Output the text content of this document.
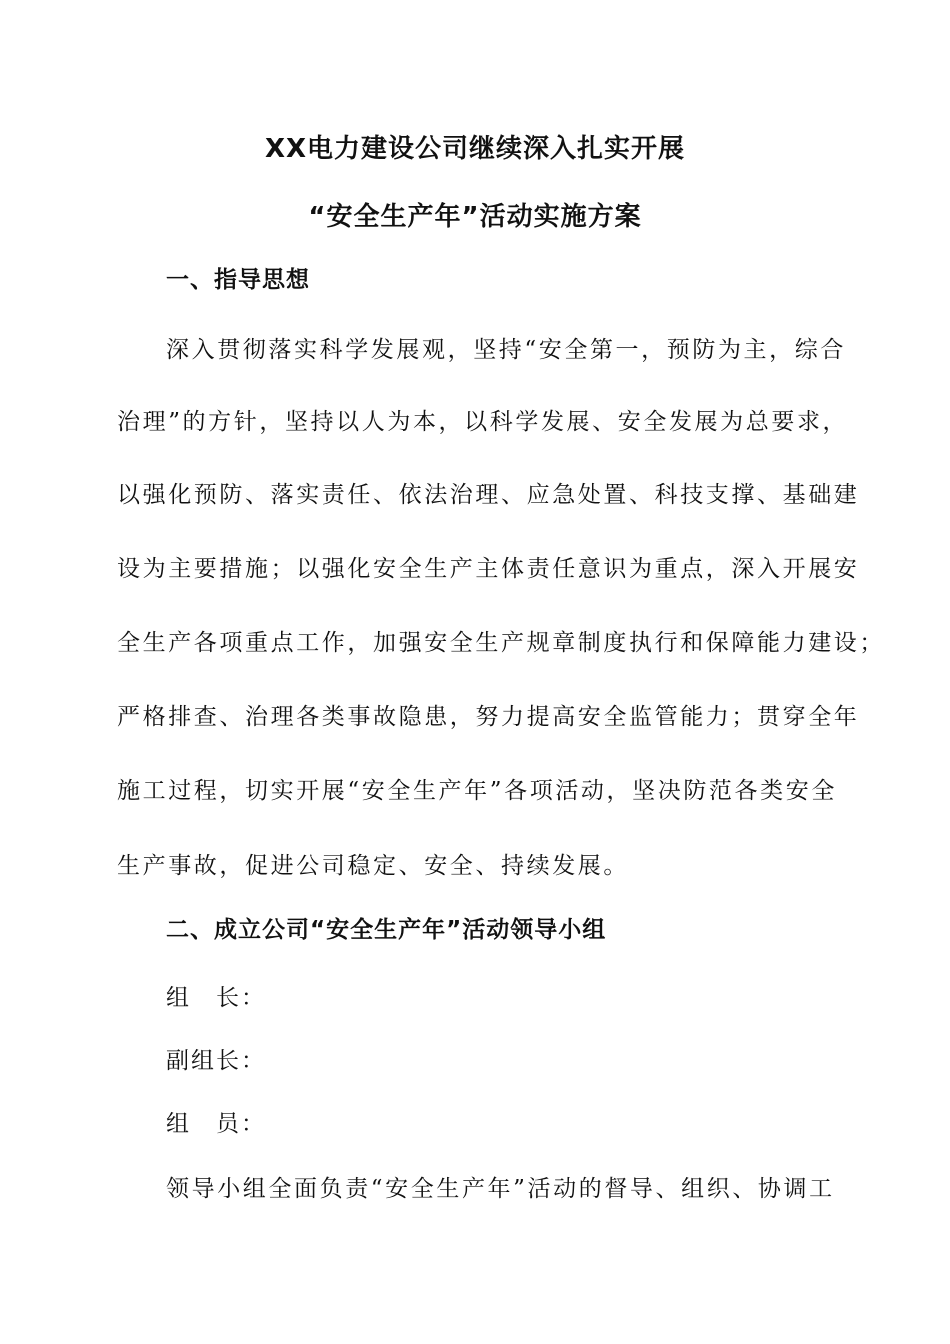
XX电力建设公司继续深入扎实开展
“安全生产年”活动实施方案
一、指导思想
深入贯彻落实科学发展观，坚持“安全第一，预防为主，综合
治理”的方针，坚持以人为本，以科学发展、安全发展为总要求，
以强化预防、落实责任、依法治理、应急处置、科技支撑、基础建
设为主要措施；以强化安全生产主体责任意识为重点，深入开展安
全生产各项重点工作，加强安全生产规章制度执行和保障能力建设；
严格排查、治理各类事故隐患，努力提高安全监管能力；贯穿全年
施工过程，切实开展“安全生产年”各项活动，坚决防范各类安全
生产事故，促进公司稳定、安全、持续发展。
二、成立公司“安全生产年”活动领导小组
组　长：
副组长：
组　员：
领导小组全面负责“安全生产年”活动的督导、组织、协调工
